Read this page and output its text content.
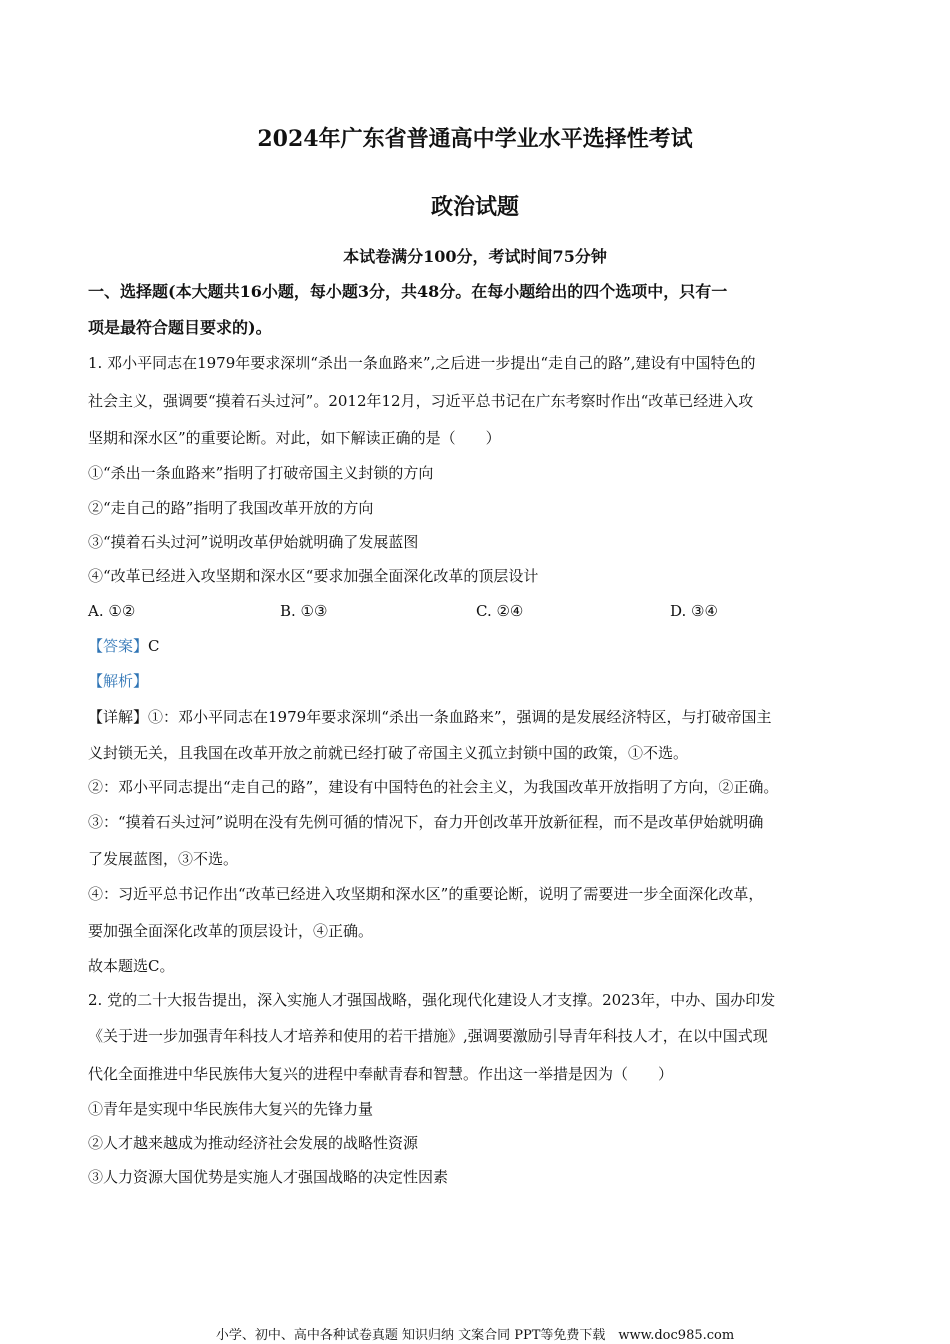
2024年广东省普通高中学业水平选择性考试
政治试题
本试卷满分100分，考试时间75分钟
一、选择题(本大题共16小题，每小题3分，共48分。在每小题给出的四个选项中，只有一
项是最符合题目要求的)。
1. 邓小平同志在1979年要求深圳“杀出一条血路来”,之后进一步提出“走自己的路”,建设有中国特色的
社会主义，强调要“摸着石头过河”。2012年12月，习近平总书记在广东考察时作出“改革已经进入攻
坚期和深水区”的重要论断。对此，如下解读正确的是（　　）
①“杀出一条血路来”指明了打破帝国主义封锁的方向
②“走自己的路”指明了我国改革开放的方向
③“摸着石头过河”说明改革伊始就明确了发展蓝图
④“改革已经进入攻坚期和深水区“要求加强全面深化改革的顶层设计
A. ①②	B. ①③	C. ②④	D. ③④
【答案】C
【解析】
【详解】①：邓小平同志在1979年要求深圳“杀出一条血路来”，强调的是发展经济特区，与打破帝国主
义封锁无关，且我国在改革开放之前就已经打破了帝国主义孤立封锁中国的政策，①不选。
②：邓小平同志提出“走自己的路”，建设有中国特色的社会主义，为我国改革开放指明了方向，②正确。
③：“摸着石头过河”说明在没有先例可循的情况下，奋力开创改革开放新征程，而不是改革伊始就明确
了发展蓝图，③不选。
④：习近平总书记作出“改革已经进入攻坚期和深水区”的重要论断，说明了需要进一步全面深化改革，
要加强全面深化改革的顶层设计，④正确。
故本题选C。
2. 党的二十大报告提出，深入实施人才强国战略，强化现代化建设人才支撑。2023年，中办、国办印发
《关于进一步加强青年科技人才培养和使用的若干措施》,强调要激励引导青年科技人才，在以中国式现
代化全面推进中华民族伟大复兴的进程中奉献青春和智慧。作出这一举措是因为（　　）
①青年是实现中华民族伟大复兴的先锋力量
②人才越来越成为推动经济社会发展的战略性资源
③人力资源大国优势是实施人才强国战略的决定性因素
小学、初中、高中各种试卷真题 知识归纳 文案合同 PPT等免费下载　www.doc985.com
